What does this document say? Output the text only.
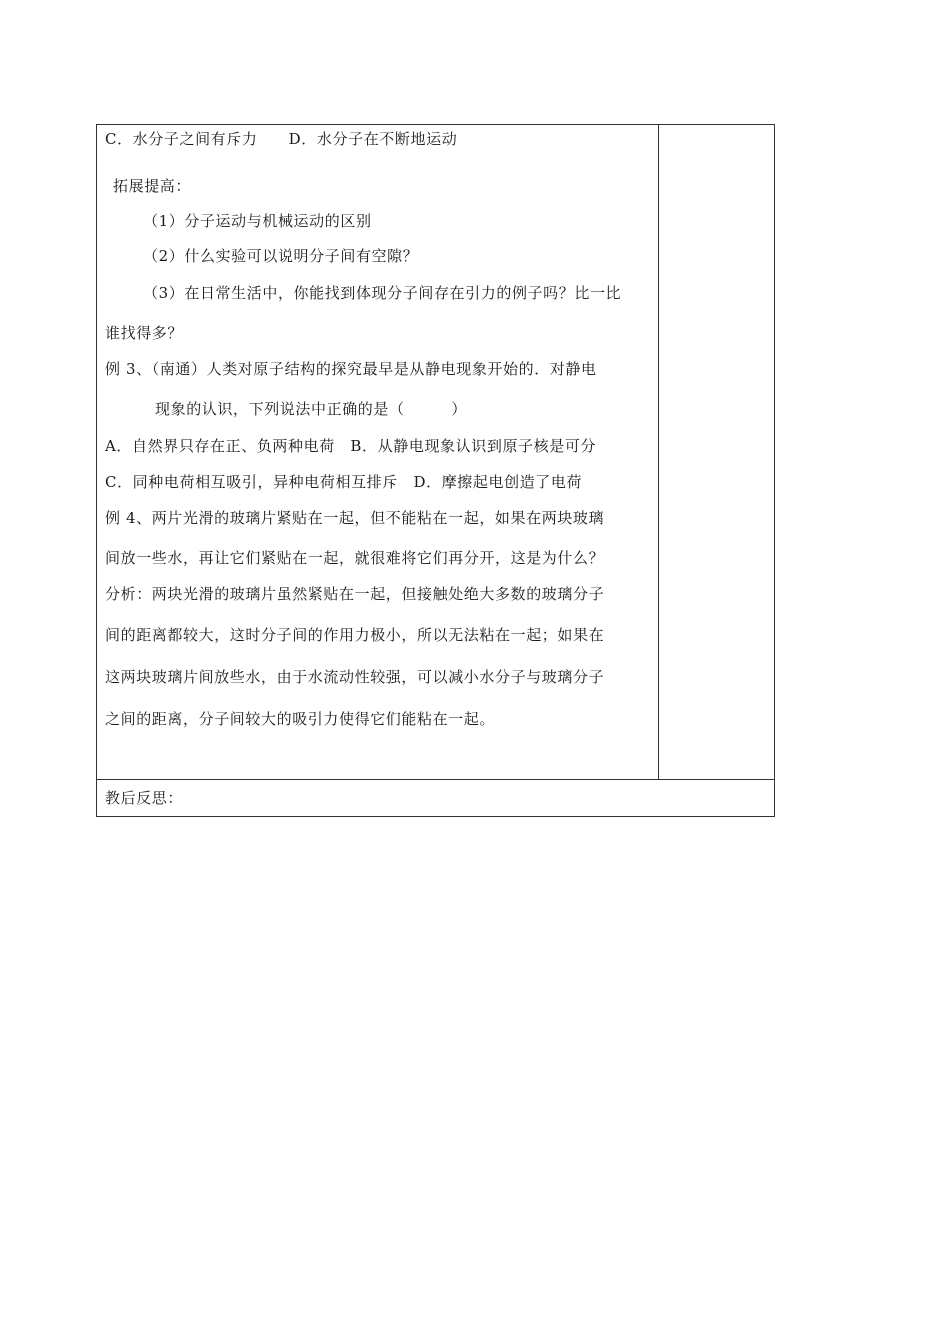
C．水分子之间有斥力　　D．水分子在不断地运动
拓展提高：
（1）分子运动与机械运动的区别
（2）什么实验可以说明分子间有空隙？
（3）在日常生活中，你能找到体现分子间存在引力的例子吗？比一比
谁找得多？
例 3、（南通）人类对原子结构的探究最早是从静电现象开始的．对静电
现象的认识，下列说法中正确的是（　　　）
A．自然界只存在正、负两种电荷　B．从静电现象认识到原子核是可分
C．同种电荷相互吸引，异种电荷相互排斥　D．摩擦起电创造了电荷
例 4、两片光滑的玻璃片紧贴在一起，但不能粘在一起，如果在两块玻璃
间放一些水，再让它们紧贴在一起，就很难将它们再分开，这是为什么？
分析：两块光滑的玻璃片虽然紧贴在一起，但接触处绝大多数的玻璃分子
间的距离都较大，这时分子间的作用力极小，所以无法粘在一起；如果在
这两块玻璃片间放些水，由于水流动性较强，可以减小水分子与玻璃分子
之间的距离，分子间较大的吸引力使得它们能粘在一起。
教后反思：
